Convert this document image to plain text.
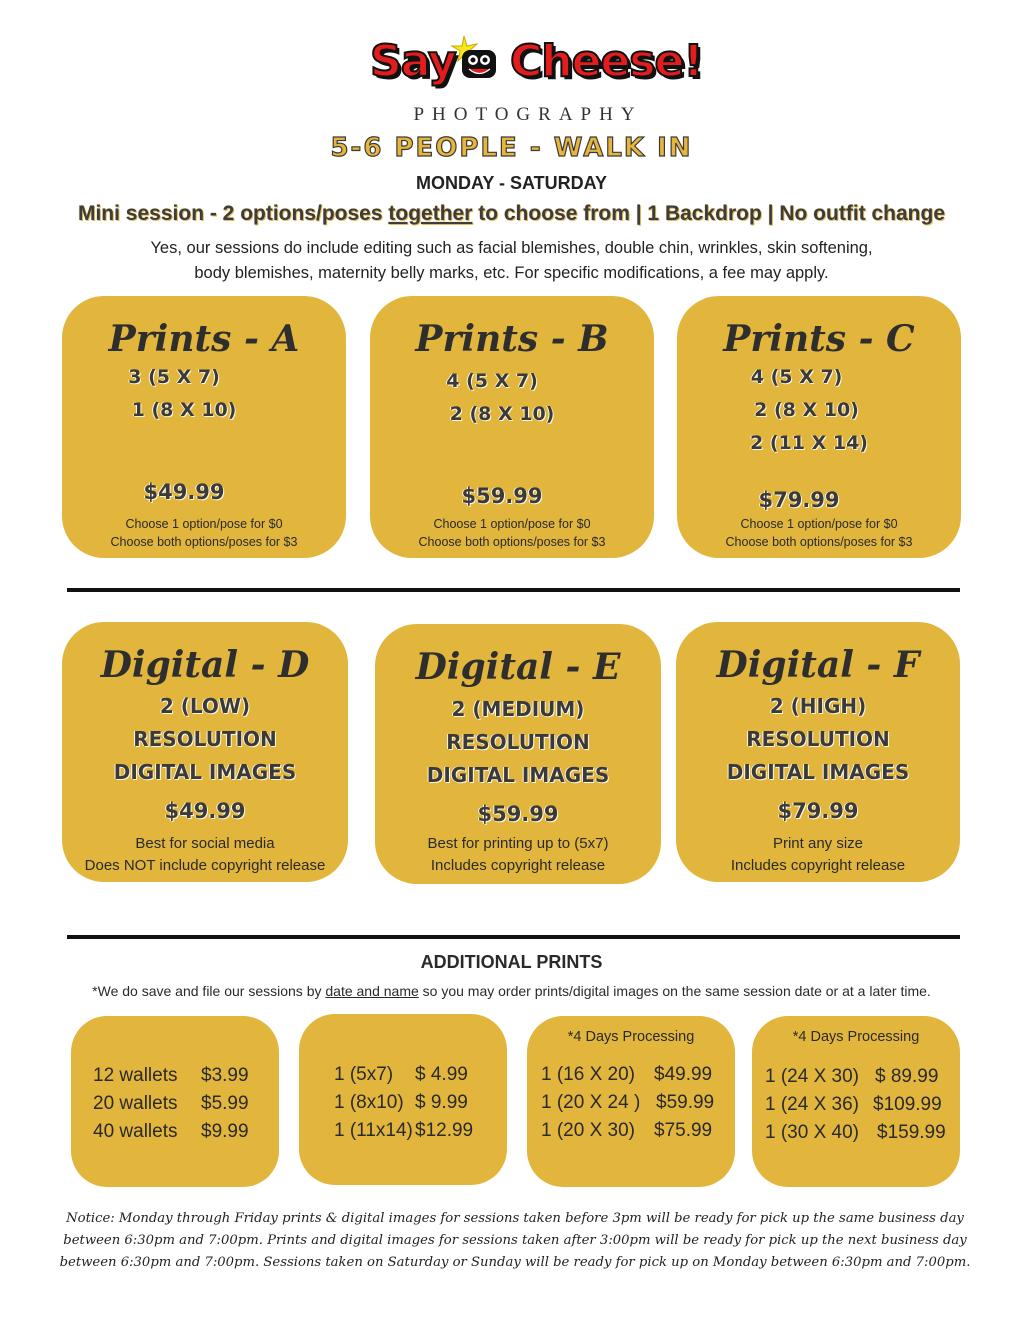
Say Cheese!
PHOTOGRAPHY
5-6 PEOPLE - WALK IN
MONDAY - SATURDAY
Mini session - 2 options/poses together to choose from | 1 Backdrop | No outfit change
Yes, our sessions do include editing such as facial blemishes, double chin, wrinkles, skin softening,
body blemishes, maternity belly marks, etc. For specific modifications, a fee may apply.
Prints - A
3 (5 X 7)
1 (8 X 10)
$49.99
Choose 1 option/pose for $0
Choose both options/poses for $3
Prints - B
4 (5 X 7)
2 (8 X 10)
$59.99
Choose 1 option/pose for $0
Choose both options/poses for $3
Prints - C
4 (5 X 7)
2 (8 X 10)
2 (11 X 14)
$79.99
Choose 1 option/pose for $0
Choose both options/poses for $3
Digital - D
2 (LOW)
RESOLUTION
DIGITAL IMAGES
$49.99
Best for social media
Does NOT include copyright release
Digital - E
2 (MEDIUM)
RESOLUTION
DIGITAL IMAGES
$59.99
Best for printing up to (5x7)
Includes copyright release
Digital - F
2 (HIGH)
RESOLUTION
DIGITAL IMAGES
$79.99
Print any size
Includes copyright release
ADDITIONAL PRINTS
*We do save and file our sessions by date and name so you may order prints/digital images on the same session date or at a later time.
12 wallets $3.99
20 wallets $5.99
40 wallets $9.99
1 (5x7) $ 4.99
1 (8x10) $ 9.99
1 (11x14) $12.99
*4 Days Processing
1 (16 X 20) $49.99
1 (20 X 24 ) $59.99
1 (20 X 30) $75.99
*4 Days Processing
1 (24 X 30) $ 89.99
1 (24 X 36) $109.99
1 (30 X 40) $159.99
Notice: Monday through Friday prints & digital images for sessions taken before 3pm will be ready for pick up the same business day
between 6:30pm and 7:00pm. Prints and digital images for sessions taken after 3:00pm will be ready for pick up the next business day
between 6:30pm and 7:00pm. Sessions taken on Saturday or Sunday will be ready for pick up on Monday between 6:30pm and 7:00pm.
